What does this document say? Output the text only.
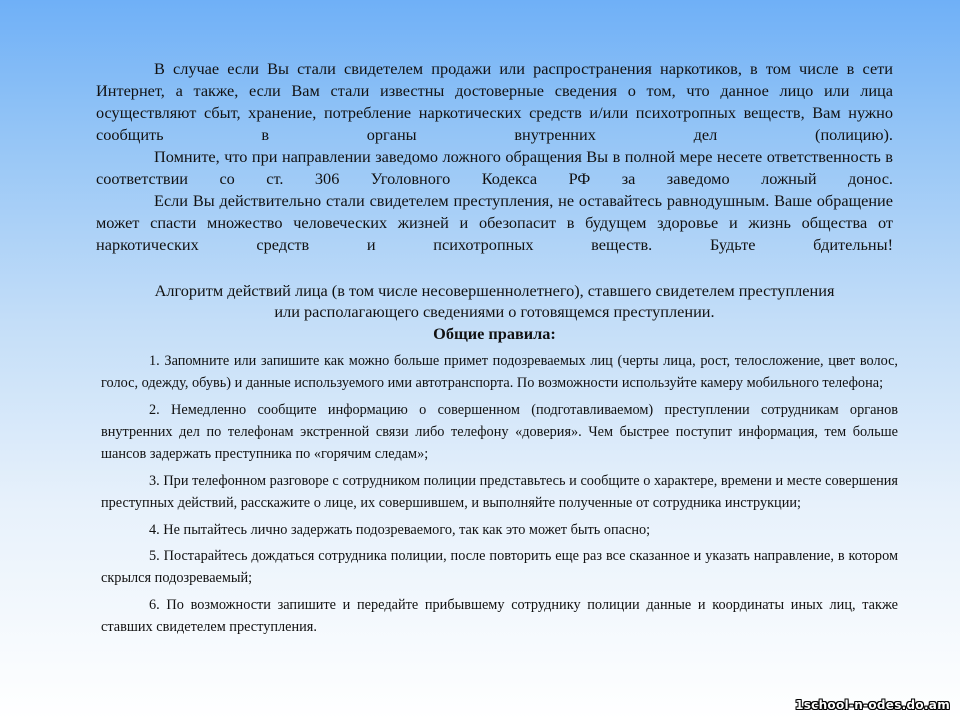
В случае если Вы стали свидетелем продажи или распространения наркотиков, в том числе в сети Интернет, а также, если Вам стали известны достоверные сведения о том, что данное лицо или лица осуществляют сбыт, хранение, потребление наркотических средств и/или психотропных веществ, Вам нужно сообщить в органы внутренних дел (полицию).

Помните, что при направлении заведомо ложного обращения Вы в полной мере несете ответственность в соответствии со ст. 306 Уголовного Кодекса РФ за заведомо ложный донос.

Если Вы действительно стали свидетелем преступления, не оставайтесь равнодушным. Ваше обращение может спасти множество человеческих жизней и обезопасит в будущем здоровье и жизнь общества от наркотических средств и психотропных веществ. Будьте бдительны!

Алгоритм действий лица (в том числе несовершеннолетнего), ставшего свидетелем преступления
или располагающего сведениями о готовящемся преступлении.
Общие правила:

1. Запомните или запишите как можно больше примет подозреваемых лиц (черты лица, рост, телосложение, цвет волос, голос, одежду, обувь) и данные используемого ими автотранспорта. По возможности используйте камеру мобильного телефона;

2. Немедленно сообщите информацию о совершенном (подготавливаемом) преступлении сотрудникам органов внутренних дел по телефонам экстренной связи либо телефону «доверия». Чем быстрее поступит информация, тем больше шансов задержать преступника по «горячим следам»;

3. При телефонном разговоре с сотрудником полиции представьтесь и сообщите о характере, времени и месте совершения преступных действий, расскажите о лице, их совершившем, и выполняйте полученные от сотрудника инструкции;

4. Не пытайтесь лично задержать подозреваемого, так как это может быть опасно;

5. Постарайтесь дождаться сотрудника полиции, после повторить еще раз все сказанное и указать направление, в котором скрылся подозреваемый;

6. По возможности запишите и передайте прибывшему сотруднику полиции данные и координаты иных лиц, также ставших свидетелем преступления.

1school-n-odes.do.am
